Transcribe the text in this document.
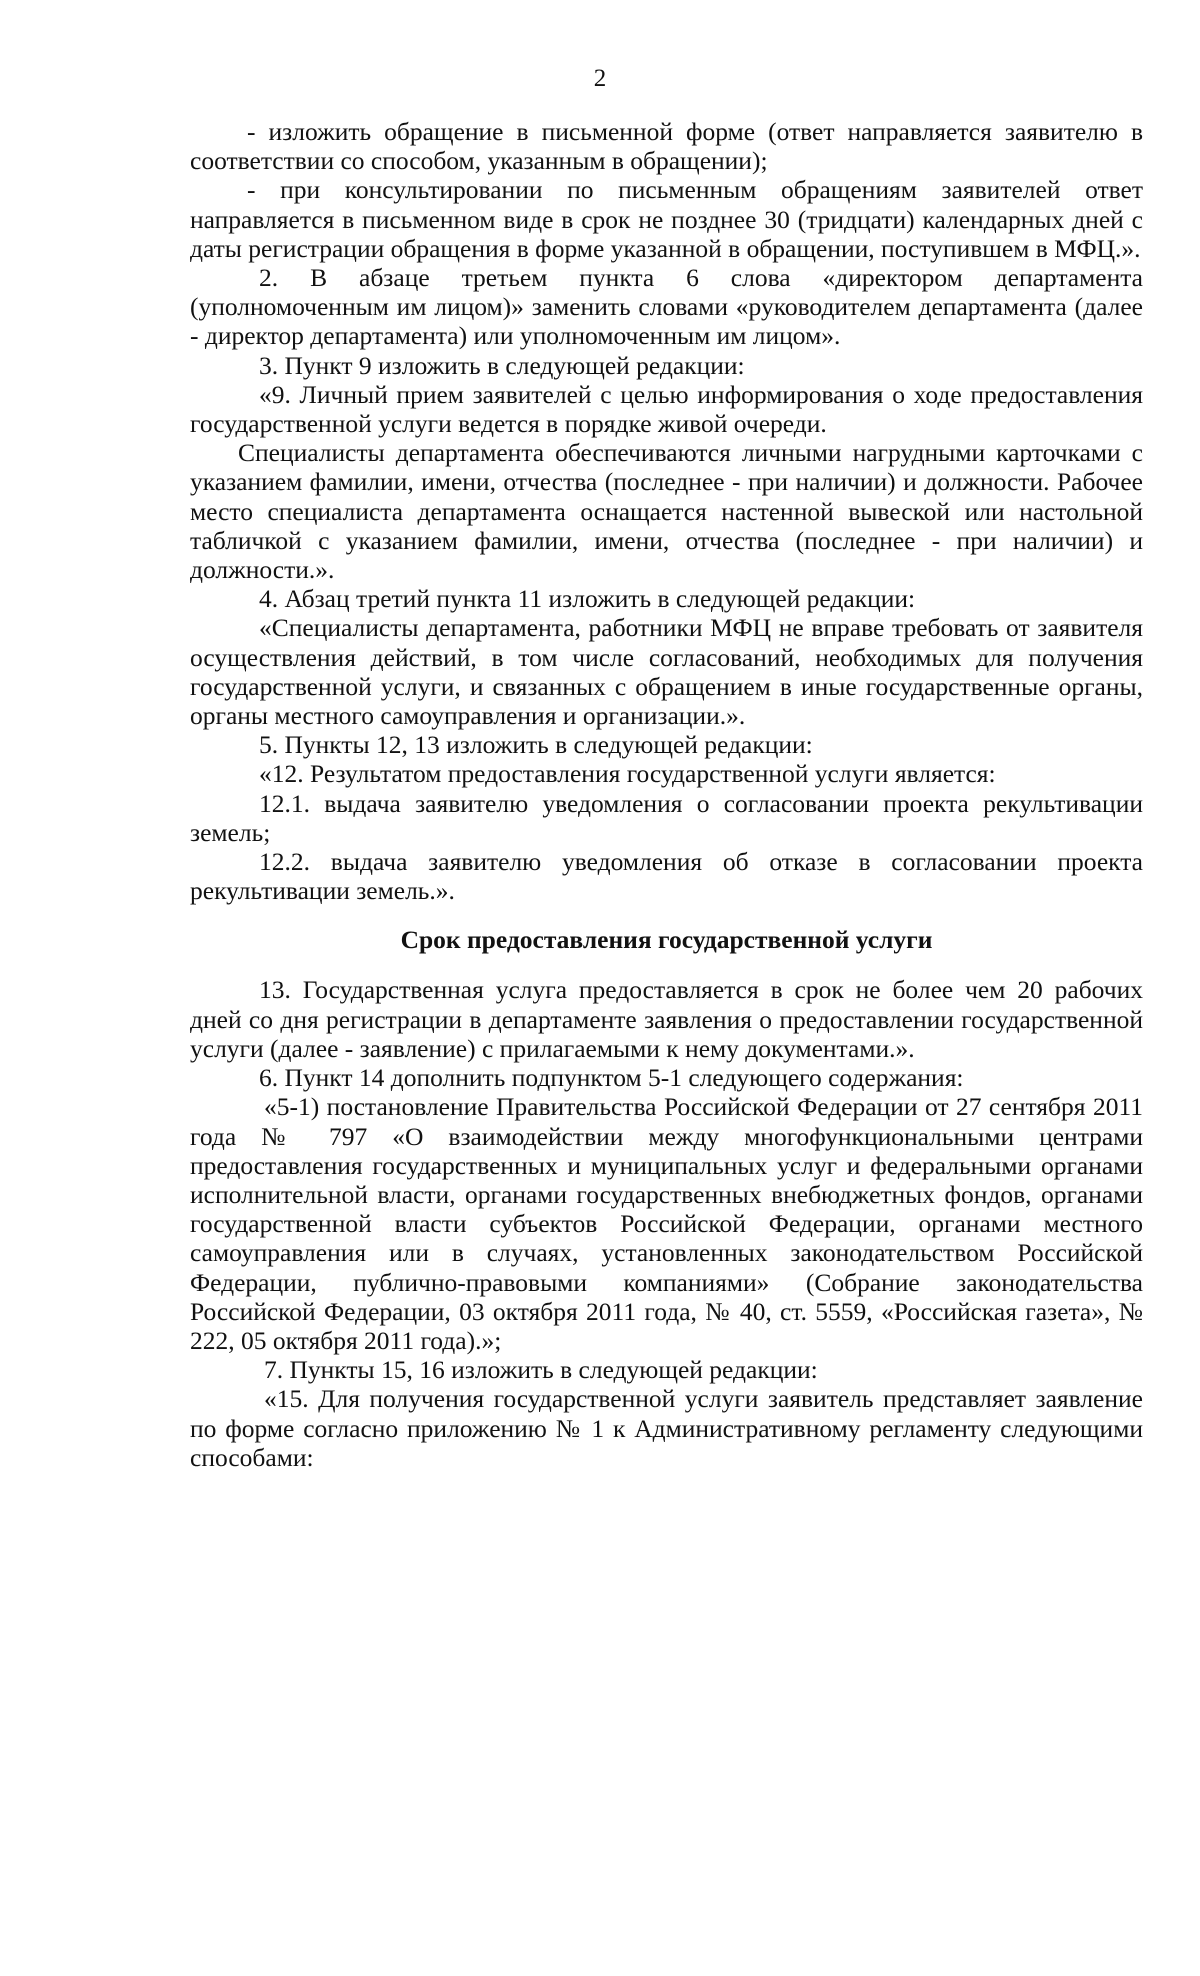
2

- изложить обращение в письменной форме (ответ направляется заявителю в соответствии со способом, указанным в обращении);

- при консультировании по письменным обращениям заявителей ответ направляется в письменном виде в срок не позднее 30 (тридцати) календарных дней с даты регистрации обращения в форме указанной в обращении, поступившем в МФЦ.».

2. В абзаце третьем пункта 6 слова «директором департамента (уполномоченным им лицом)» заменить словами «руководителем департамента (далее - директор департамента) или уполномоченным им лицом».

3. Пункт 9 изложить в следующей редакции:

«9. Личный прием заявителей с целью информирования о ходе предоставления государственной услуги ведется в порядке живой очереди.

Специалисты департамента обеспечиваются личными нагрудными карточками с указанием фамилии, имени, отчества (последнее - при наличии) и должности. Рабочее место специалиста департамента оснащается настенной вывеской или настольной табличкой с указанием фамилии, имени, отчества (последнее - при наличии) и должности.».

4. Абзац третий пункта 11 изложить в следующей редакции:

«Специалисты департамента, работники МФЦ не вправе требовать от заявителя осуществления действий, в том числе согласований, необходимых для получения государственной услуги, и связанных с обращением в иные государственные органы, органы местного самоуправления и организации.».

5. Пункты 12, 13 изложить в следующей редакции:

«12. Результатом предоставления государственной услуги является:

12.1. выдача заявителю уведомления о согласовании проекта рекультивации земель;

12.2. выдача заявителю уведомления об отказе в согласовании проекта рекультивации земель.».

Срок предоставления государственной услуги

13. Государственная услуга предоставляется в срок не более чем 20 рабочих дней со дня регистрации в департаменте заявления о предоставлении государственной услуги (далее - заявление) с прилагаемыми к нему документами.».

6. Пункт 14 дополнить подпунктом 5-1 следующего содержания:

«5-1) постановление Правительства Российской Федерации от 27 сентября 2011 года № 797 «О взаимодействии между многофункциональными центрами предоставления государственных и муниципальных услуг и федеральными органами исполнительной власти, органами государственных внебюджетных фондов, органами государственной власти субъектов Российской Федерации, органами местного самоуправления или в случаях, установленных законодательством Российской Федерации, публично-правовыми компаниями» (Собрание законодательства Российской Федерации, 03 октября 2011 года, № 40, ст. 5559, «Российская газета», № 222, 05 октября 2011 года).»;

7. Пункты 15, 16 изложить в следующей редакции:

«15. Для получения государственной услуги заявитель представляет заявление по форме согласно приложению № 1 к Административному регламенту следующими способами:
